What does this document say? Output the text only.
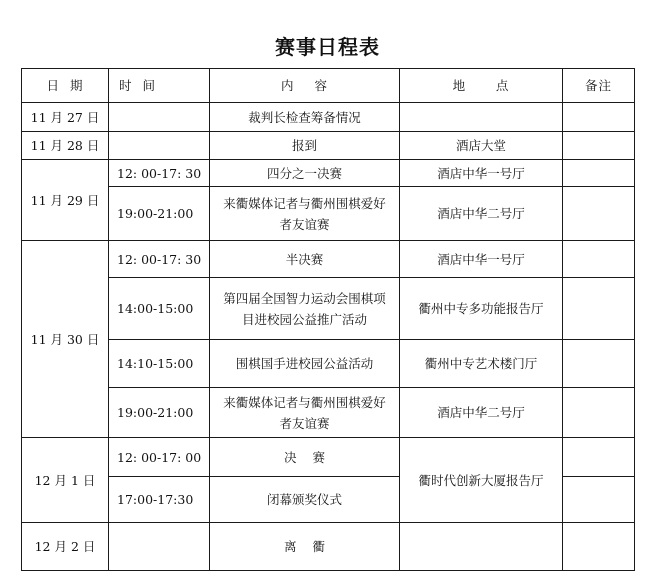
赛事日程表
日  期	时  间	内    容	地      点	备注
11 月 27 日		裁判长检查筹备情况		
11 月 28 日		报到	酒店大堂	
11 月 29 日	12: 00-17: 30	四分之一决赛	酒店中华一号厅	
	19:00-21:00	来衢媒体记者与衢州围棋爱好者友谊赛	酒店中华二号厅	
11 月 30 日	12: 00-17: 30	半决赛	酒店中华一号厅	
	14:00-15:00	第四届全国智力运动会围棋项目进校园公益推广活动	衢州中专多功能报告厅	
	14:10-15:00	围棋国手进校园公益活动	衢州中专艺术楼门厅	
	19:00-21:00	来衢媒体记者与衢州围棋爱好者友谊赛	酒店中华二号厅	
12 月 1 日	12: 00-17: 00	决    赛	衢时代创新大厦报告厅	
	17:00-17:30	闭幕颁奖仪式		
12 月 2 日		离    衢		
